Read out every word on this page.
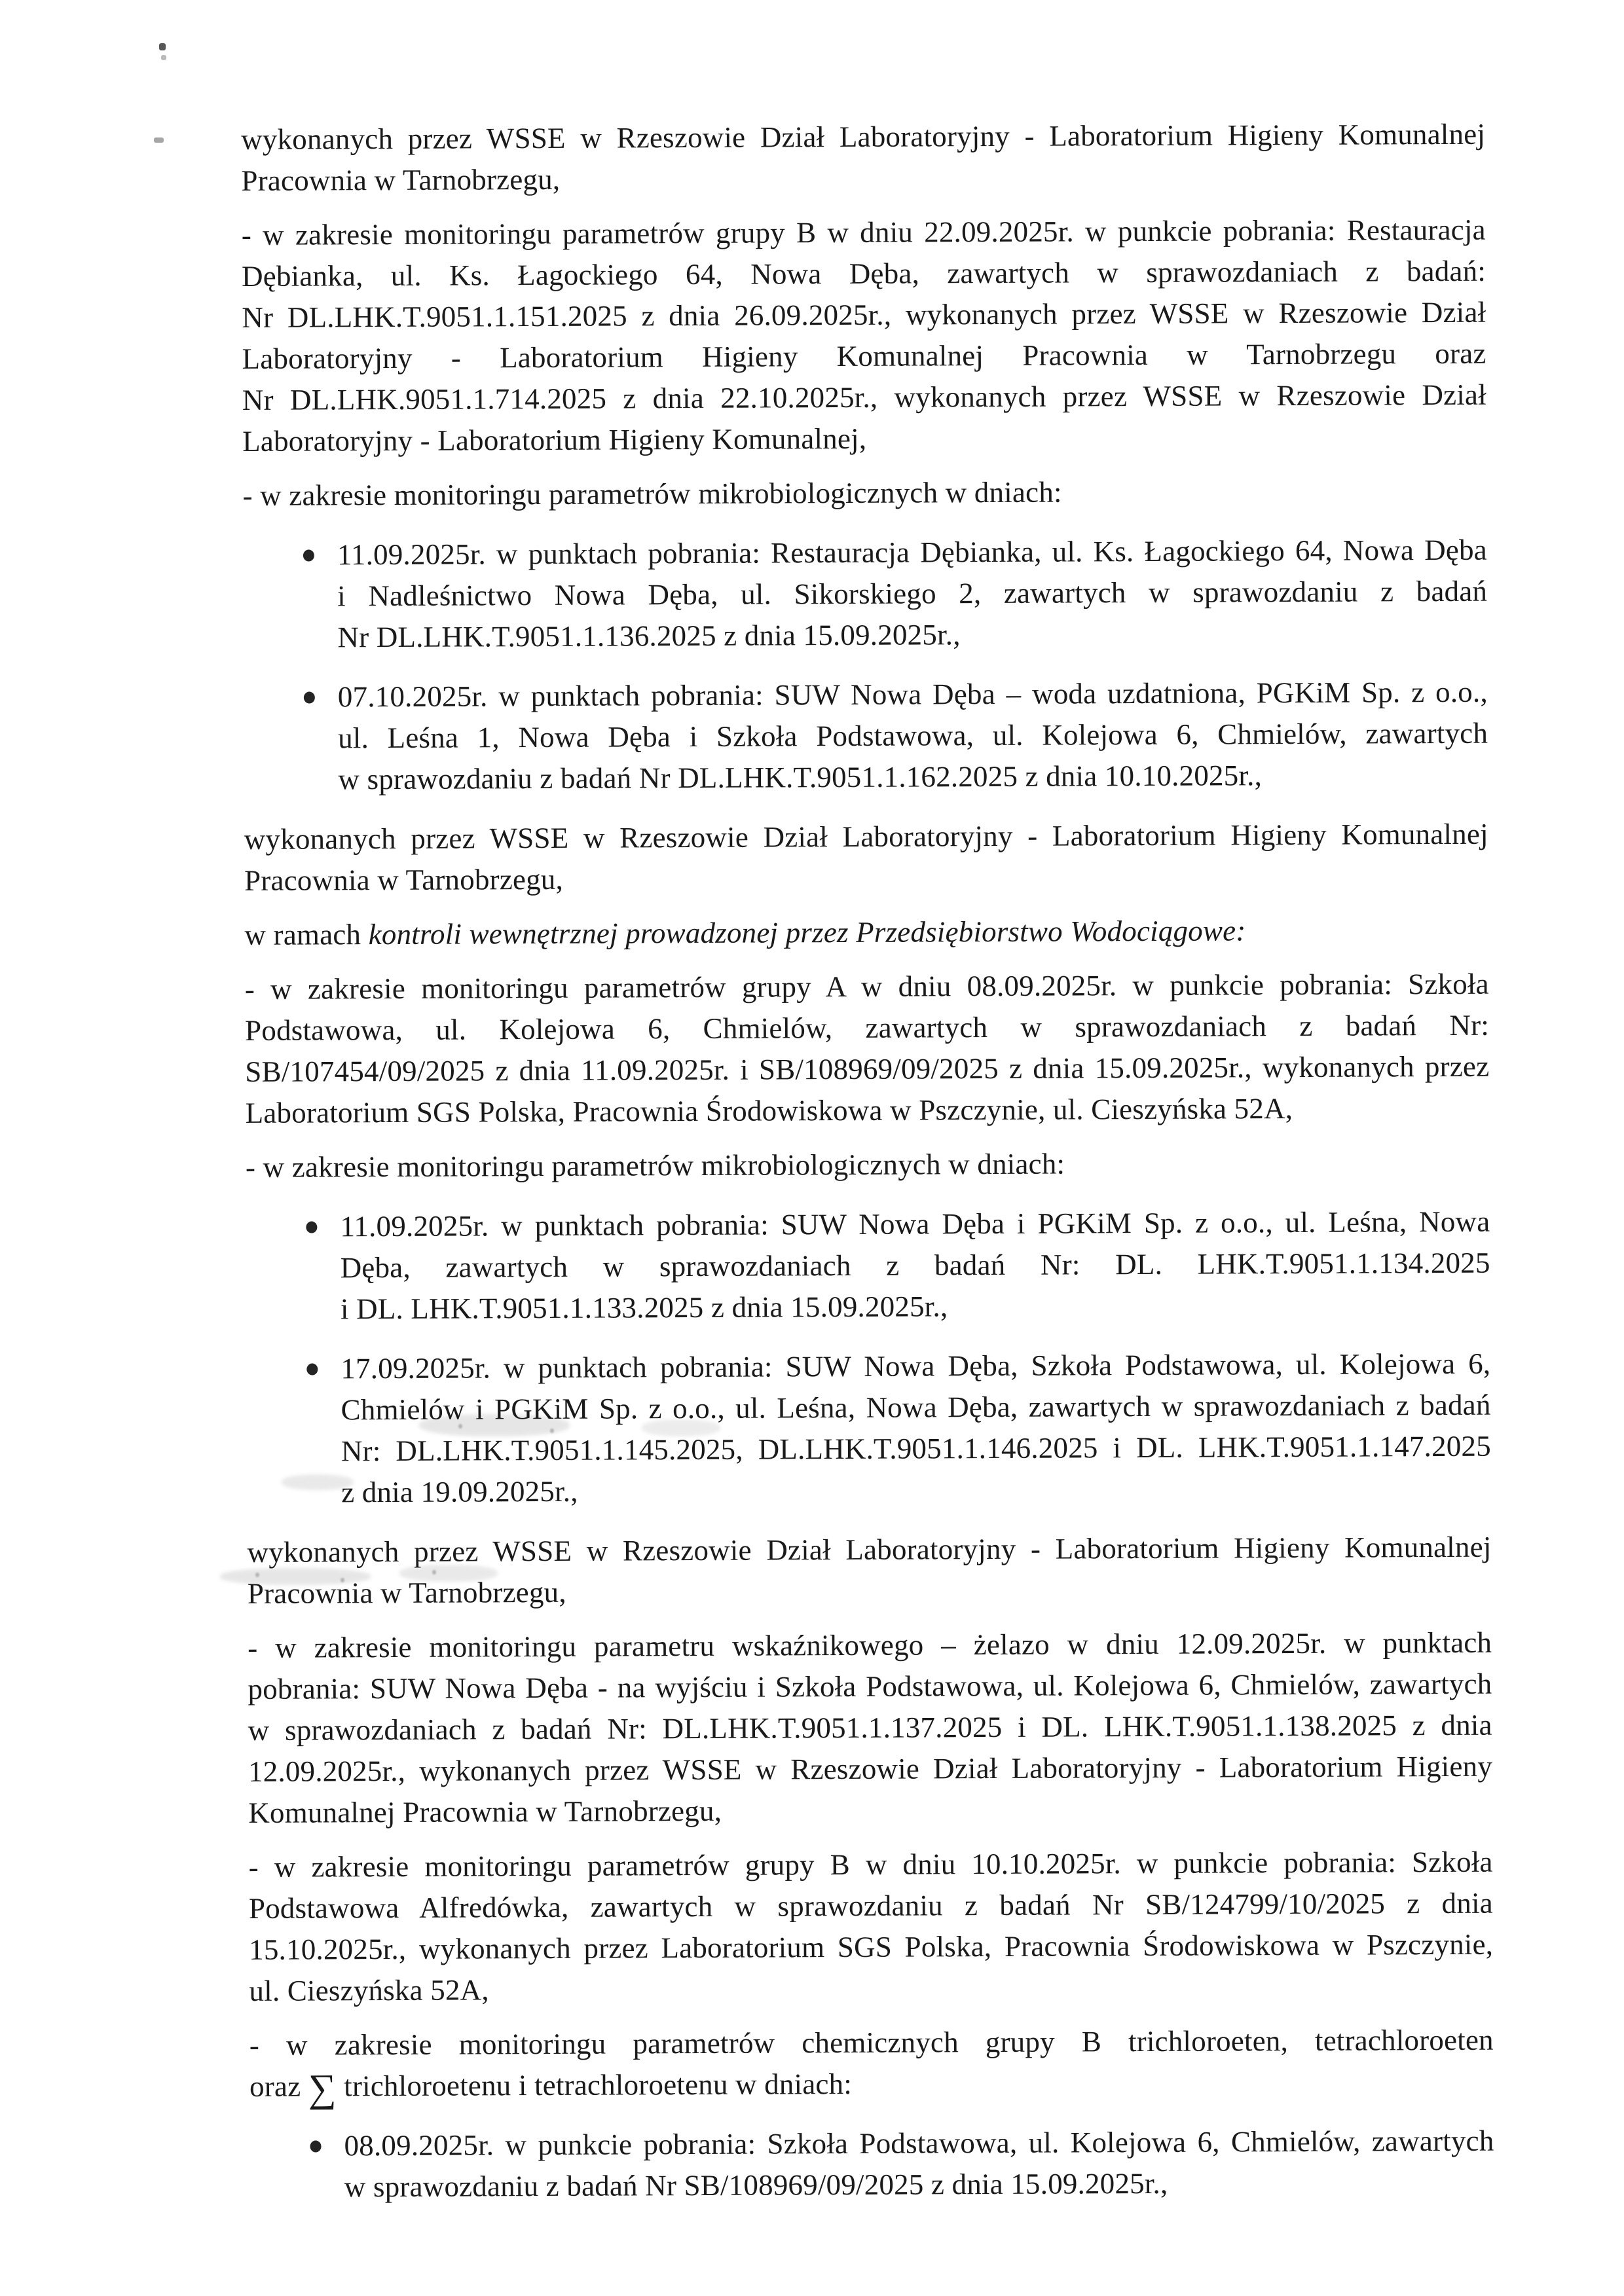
wykonanych przez WSSE w Rzeszowie Dział Laboratoryjny - Laboratorium Higieny Komunalnej
Pracownia w Tarnobrzegu,
- w zakresie monitoringu parametrów grupy B w dniu 22.09.2025r. w punkcie pobrania: Restauracja
Dębianka, ul. Ks. Łagockiego 64, Nowa Dęba, zawartych w sprawozdaniach z badań:
Nr DL.LHK.T.9051.1.151.2025 z dnia 26.09.2025r., wykonanych przez WSSE w Rzeszowie Dział
Laboratoryjny - Laboratorium Higieny Komunalnej Pracownia w Tarnobrzegu oraz
Nr DL.LHK.9051.1.714.2025 z dnia 22.10.2025r., wykonanych przez WSSE w Rzeszowie Dział
Laboratoryjny - Laboratorium Higieny Komunalnej,
- w zakresie monitoringu parametrów mikrobiologicznych w dniach:
11.09.2025r. w punktach pobrania: Restauracja Dębianka, ul. Ks. Łagockiego 64, Nowa Dęba
i Nadleśnictwo Nowa Dęba, ul. Sikorskiego 2, zawartych w sprawozdaniu z badań
Nr DL.LHK.T.9051.1.136.2025 z dnia 15.09.2025r.,
07.10.2025r. w punktach pobrania: SUW Nowa Dęba – woda uzdatniona, PGKiM Sp. z o.o.,
ul. Leśna 1, Nowa Dęba i Szkoła Podstawowa, ul. Kolejowa 6, Chmielów, zawartych
w sprawozdaniu z badań Nr DL.LHK.T.9051.1.162.2025 z dnia 10.10.2025r.,
wykonanych przez WSSE w Rzeszowie Dział Laboratoryjny - Laboratorium Higieny Komunalnej
Pracownia w Tarnobrzegu,
w ramach kontroli wewnętrznej prowadzonej przez Przedsiębiorstwo Wodociągowe:
- w zakresie monitoringu parametrów grupy A w dniu 08.09.2025r. w punkcie pobrania: Szkoła
Podstawowa, ul. Kolejowa 6, Chmielów, zawartych w sprawozdaniach z badań Nr:
SB/107454/09/2025 z dnia 11.09.2025r. i SB/108969/09/2025 z dnia 15.09.2025r., wykonanych przez
Laboratorium SGS Polska, Pracownia Środowiskowa w Pszczynie, ul. Cieszyńska 52A,
- w zakresie monitoringu parametrów mikrobiologicznych w dniach:
11.09.2025r. w punktach pobrania: SUW Nowa Dęba i PGKiM Sp. z o.o., ul. Leśna, Nowa
Dęba, zawartych w sprawozdaniach z badań Nr: DL. LHK.T.9051.1.134.2025
i DL. LHK.T.9051.1.133.2025 z dnia 15.09.2025r.,
17.09.2025r. w punktach pobrania: SUW Nowa Dęba, Szkoła Podstawowa, ul. Kolejowa 6,
Chmielów i PGKiM Sp. z o.o., ul. Leśna, Nowa Dęba, zawartych w sprawozdaniach z badań
Nr: DL.LHK.T.9051.1.145.2025, DL.LHK.T.9051.1.146.2025 i DL. LHK.T.9051.1.147.2025
z dnia 19.09.2025r.,
wykonanych przez WSSE w Rzeszowie Dział Laboratoryjny - Laboratorium Higieny Komunalnej
Pracownia w Tarnobrzegu,
- w zakresie monitoringu parametru wskaźnikowego – żelazo w dniu 12.09.2025r. w punktach
pobrania: SUW Nowa Dęba - na wyjściu i Szkoła Podstawowa, ul. Kolejowa 6, Chmielów, zawartych
w sprawozdaniach z badań Nr: DL.LHK.T.9051.1.137.2025 i DL. LHK.T.9051.1.138.2025 z dnia
12.09.2025r., wykonanych przez WSSE w Rzeszowie Dział Laboratoryjny - Laboratorium Higieny
Komunalnej Pracownia w Tarnobrzegu,
- w zakresie monitoringu parametrów grupy B w dniu 10.10.2025r. w punkcie pobrania: Szkoła
Podstawowa Alfredówka, zawartych w sprawozdaniu z badań Nr SB/124799/10/2025 z dnia
15.10.2025r., wykonanych przez Laboratorium SGS Polska, Pracownia Środowiskowa w Pszczynie,
ul. Cieszyńska 52A,
- w zakresie monitoringu parametrów chemicznych grupy B trichloroeten, tetrachloroeten
oraz ∑ trichloroetenu i tetrachloroetenu w dniach:
08.09.2025r. w punkcie pobrania: Szkoła Podstawowa, ul. Kolejowa 6, Chmielów, zawartych
w sprawozdaniu z badań Nr SB/108969/09/2025 z dnia 15.09.2025r.,
